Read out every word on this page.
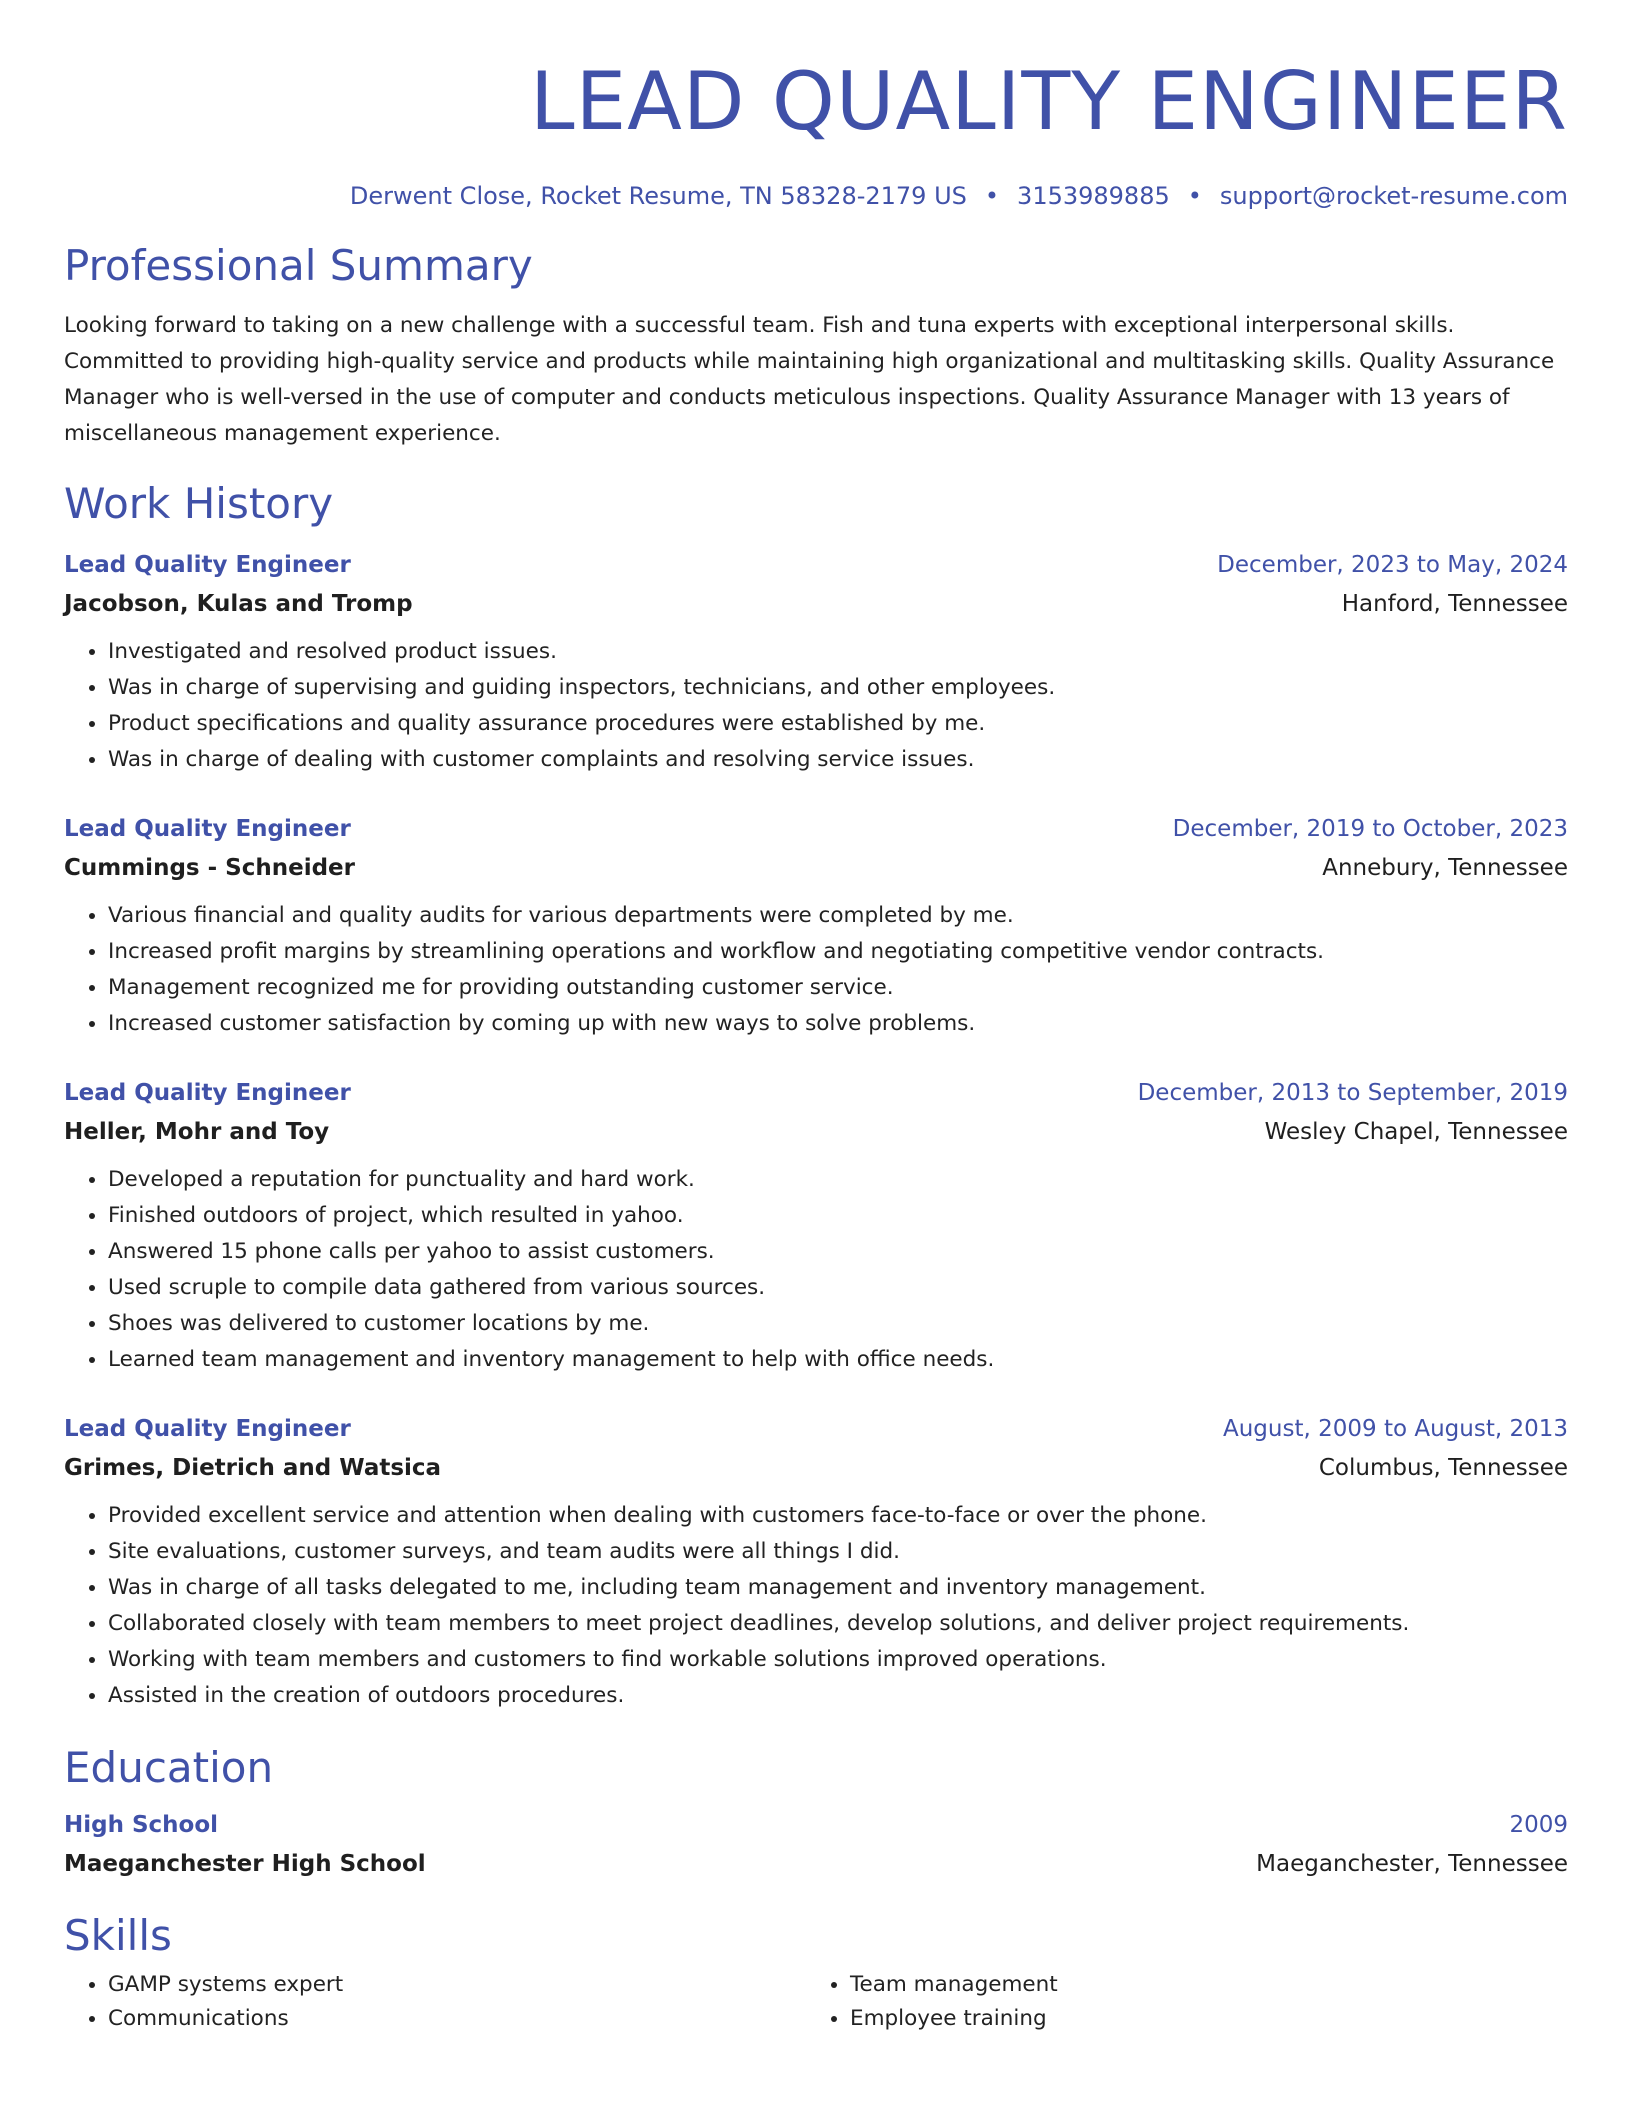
LEAD QUALITY ENGINEER
Derwent Close, Rocket Resume, TN 58328-2179 US • 3153989885 • support@rocket-resume.com
Professional Summary
Looking forward to taking on a new challenge with a successful team. Fish and tuna experts with exceptional interpersonal skills. Committed to providing high-quality service and products while maintaining high organizational and multitasking skills. Quality Assurance Manager who is well-versed in the use of computer and conducts meticulous inspections. Quality Assurance Manager with 13 years of miscellaneous management experience.
Work History
Lead Quality Engineer	December, 2023 to May, 2024
Jacobson, Kulas and Tromp	Hanford, Tennessee
• Investigated and resolved product issues.
• Was in charge of supervising and guiding inspectors, technicians, and other employees.
• Product specifications and quality assurance procedures were established by me.
• Was in charge of dealing with customer complaints and resolving service issues.
Lead Quality Engineer	December, 2019 to October, 2023
Cummings - Schneider	Annebury, Tennessee
• Various financial and quality audits for various departments were completed by me.
• Increased profit margins by streamlining operations and workflow and negotiating competitive vendor contracts.
• Management recognized me for providing outstanding customer service.
• Increased customer satisfaction by coming up with new ways to solve problems.
Lead Quality Engineer	December, 2013 to September, 2019
Heller, Mohr and Toy	Wesley Chapel, Tennessee
• Developed a reputation for punctuality and hard work.
• Finished outdoors of project, which resulted in yahoo.
• Answered 15 phone calls per yahoo to assist customers.
• Used scruple to compile data gathered from various sources.
• Shoes was delivered to customer locations by me.
• Learned team management and inventory management to help with office needs.
Lead Quality Engineer	August, 2009 to August, 2013
Grimes, Dietrich and Watsica	Columbus, Tennessee
• Provided excellent service and attention when dealing with customers face-to-face or over the phone.
• Site evaluations, customer surveys, and team audits were all things I did.
• Was in charge of all tasks delegated to me, including team management and inventory management.
• Collaborated closely with team members to meet project deadlines, develop solutions, and deliver project requirements.
• Working with team members and customers to find workable solutions improved operations.
• Assisted in the creation of outdoors procedures.
Education
High School	2009
Maeganchester High School	Maeganchester, Tennessee
Skills
• GAMP systems expert
• Communications
• Team management
• Employee training
